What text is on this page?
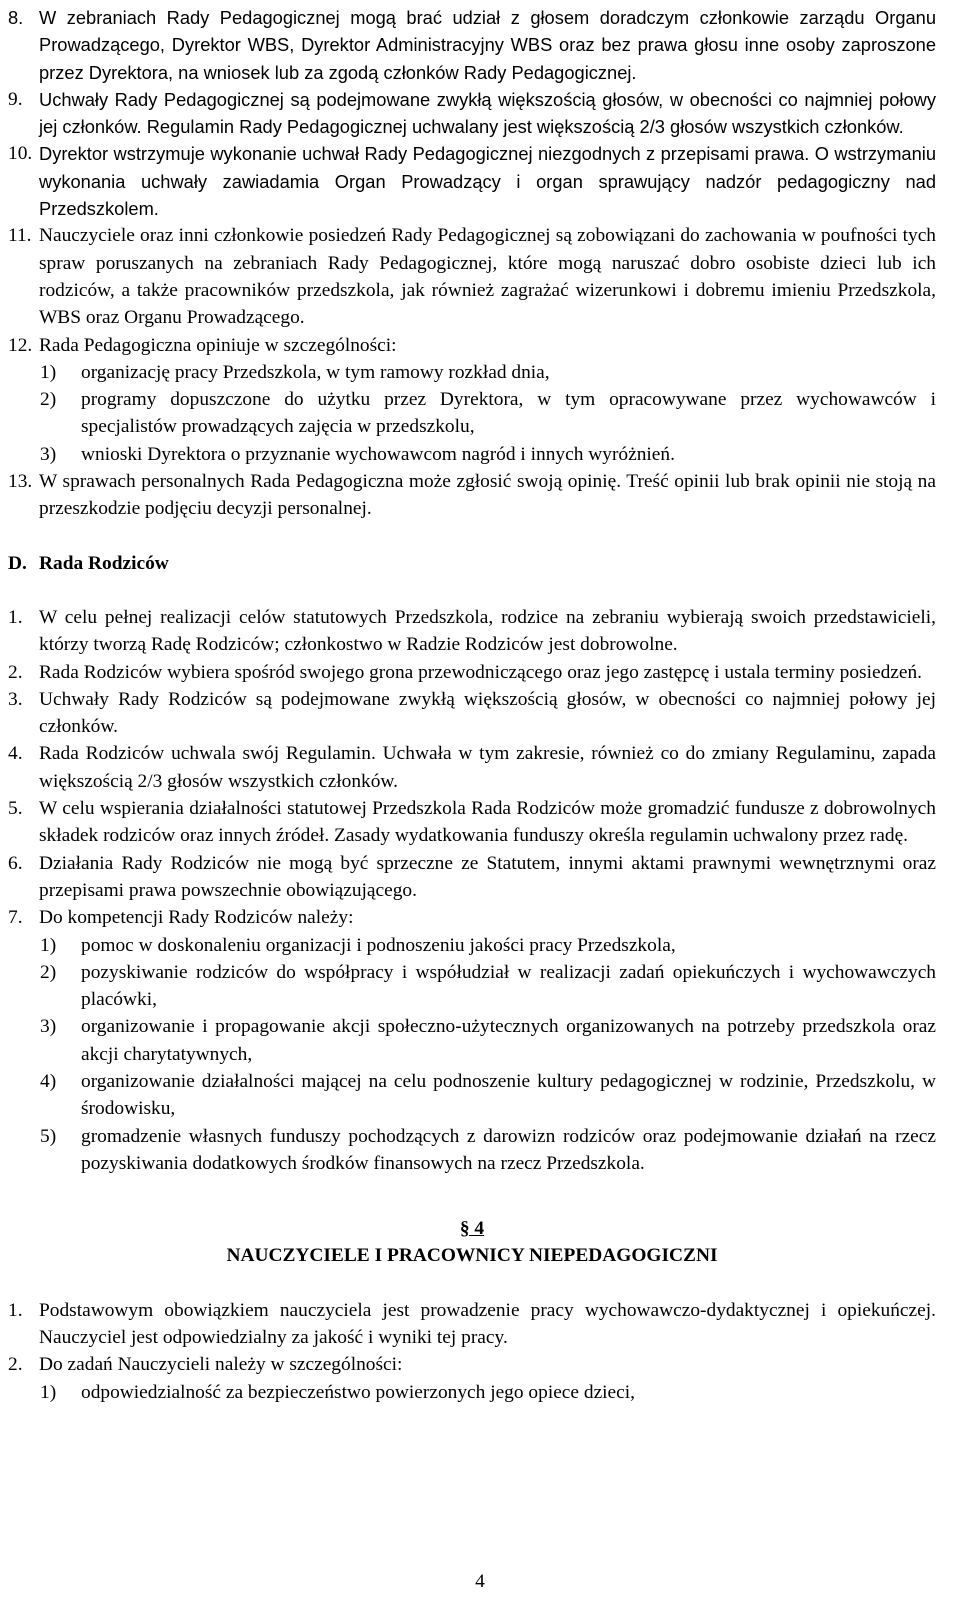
8. W zebraniach Rady Pedagogicznej mogą brać udział z głosem doradczym członkowie zarządu Organu Prowadzącego, Dyrektor WBS, Dyrektor Administracyjny WBS oraz bez prawa głosu inne osoby zaproszone przez Dyrektora, na wniosek lub za zgodą członków Rady Pedagogicznej.
9. Uchwały Rady Pedagogicznej są podejmowane zwykłą większością głosów, w obecności co najmniej połowy jej członków. Regulamin Rady Pedagogicznej uchwalany jest większością 2/3 głosów wszystkich członków.
10. Dyrektor wstrzymuje wykonanie uchwał Rady Pedagogicznej niezgodnych z przepisami prawa. O wstrzymaniu wykonania uchwały zawiadamia Organ Prowadzący i organ sprawujący nadzór pedagogiczny nad Przedszkolem.
11. Nauczyciele oraz inni członkowie posiedzeń Rady Pedagogicznej są zobowiązani do zachowania w poufności tych spraw poruszanych na zebraniach Rady Pedagogicznej, które mogą naruszać dobro osobiste dzieci lub ich rodziców, a także pracowników przedszkola, jak również zagrażać wizerunkowi i dobremu imieniu Przedszkola, WBS oraz Organu Prowadzącego.
12. Rada Pedagogiczna opiniuje w szczególności:
1) organizację pracy Przedszkola, w tym ramowy rozkład dnia,
2) programy dopuszczone do użytku przez Dyrektora, w tym opracowywane przez wychowawców i specjalistów prowadzących zajęcia w przedszkolu,
3) wnioski Dyrektora o przyznanie wychowawcom nagród i innych wyróżnień.
13. W sprawach personalnych Rada Pedagogiczna może zgłosić swoją opinię. Treść opinii lub brak opinii nie stoją na przeszkodzie podjęciu decyzji personalnej.
D. Rada Rodziców
1. W celu pełnej realizacji celów statutowych Przedszkola, rodzice na zebraniu wybierają swoich przedstawicieli, którzy tworzą Radę Rodziców; członkostwo w Radzie Rodziców jest dobrowolne.
2. Rada Rodziców wybiera spośród swojego grona przewodniczącego oraz jego zastępcę i ustala terminy posiedzeń.
3. Uchwały Rady Rodziców są podejmowane zwykłą większością głosów, w obecności co najmniej połowy jej członków.
4. Rada Rodziców uchwala swój Regulamin. Uchwała w tym zakresie, również co do zmiany Regulaminu, zapada większością 2/3 głosów wszystkich członków.
5. W celu wspierania działalności statutowej Przedszkola Rada Rodziców może gromadzić fundusze z dobrowolnych składek rodziców oraz innych źródeł. Zasady wydatkowania funduszy określa regulamin uchwalony przez radę.
6. Działania Rady Rodziców nie mogą być sprzeczne ze Statutem, innymi aktami prawnymi wewnętrznymi oraz przepisami prawa powszechnie obowiązującego.
7. Do kompetencji Rady Rodziców należy:
1) pomoc w doskonaleniu organizacji i podnoszeniu jakości pracy Przedszkola,
2) pozyskiwanie rodziców do współpracy i współudział w realizacji zadań opiekuńczych i wychowawczych placówki,
3) organizowanie i propagowanie akcji społeczno-użytecznych organizowanych na potrzeby przedszkola oraz akcji charytatywnych,
4) organizowanie działalności mającej na celu podnoszenie kultury pedagogicznej w rodzinie, Przedszkolu, w środowisku,
5) gromadzenie własnych funduszy pochodzących z darowizn rodziców oraz podejmowanie działań na rzecz pozyskiwania dodatkowych środków finansowych na rzecz Przedszkola.
§ 4
NAUCZYCIELE I PRACOWNICY NIEPEDAGOGICZNI
1. Podstawowym obowiązkiem nauczyciela jest prowadzenie pracy wychowawczo-dydaktycznej i opiekuńczej. Nauczyciel jest odpowiedzialny za jakość i wyniki tej pracy.
2. Do zadań Nauczycieli należy w szczególności:
1) odpowiedzialność za bezpieczeństwo powierzonych jego opiece dzieci,
4
